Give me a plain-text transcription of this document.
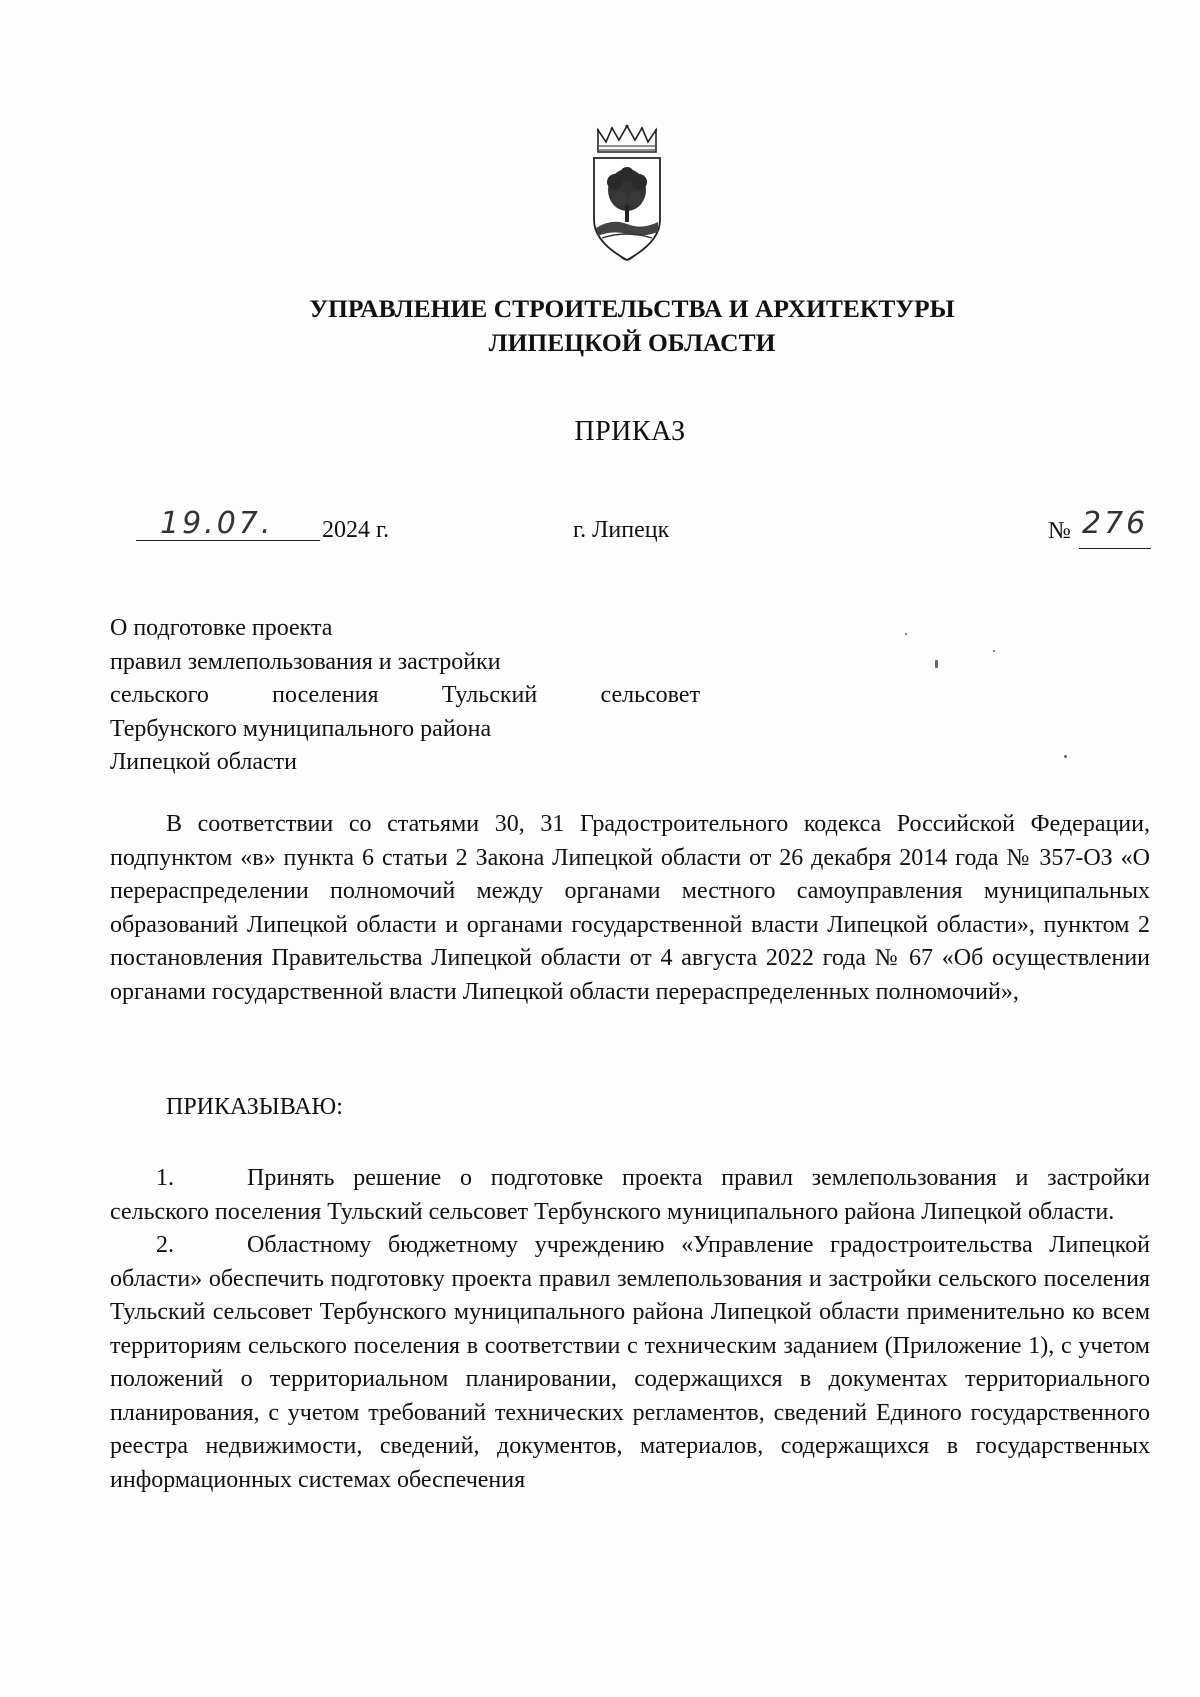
УПРАВЛЕНИЕ СТРОИТЕЛЬСТВА И АРХИТЕКТУРЫ
ЛИПЕЦКОЙ ОБЛАСТИ
ПРИКАЗ
19.07. 2024 г.	г. Липецк	№ 276
О подготовке проекта
правил землепользования и застройки
сельского поселения Тульский сельсовет
Тербунского муниципального района
Липецкой области

В соответствии со статьями 30, 31 Градостроительного кодекса Российской Федерации, подпунктом «в» пункта 6 статьи 2 Закона Липецкой области от 26 декабря 2014 года № 357-ОЗ «О перераспределении полномочий между органами местного самоуправления муниципальных образований Липецкой области и органами государственной власти Липецкой области», пунктом 2 постановления Правительства Липецкой области от 4 августа 2022 года № 67 «Об осуществлении органами государственной власти Липецкой области перераспределенных полномочий»,

ПРИКАЗЫВАЮ:

1.	Принять решение о подготовке проекта правил землепользования и застройки сельского поселения Тульский сельсовет Тербунского муниципального района Липецкой области.

2.	Областному бюджетному учреждению «Управление градостроительства Липецкой области» обеспечить подготовку проекта правил землепользования и застройки сельского поселения Тульский сельсовет Тербунского муниципального района Липецкой области применительно ко всем территориям сельского поселения в соответствии с техническим заданием (Приложение 1), с учетом положений о территориальном планировании, содержащихся в документах территориального планирования, с учетом требований технических регламентов, сведений Единого государственного реестра недвижимости, сведений, документов, материалов, содержащихся в государственных информационных системах обеспечения
